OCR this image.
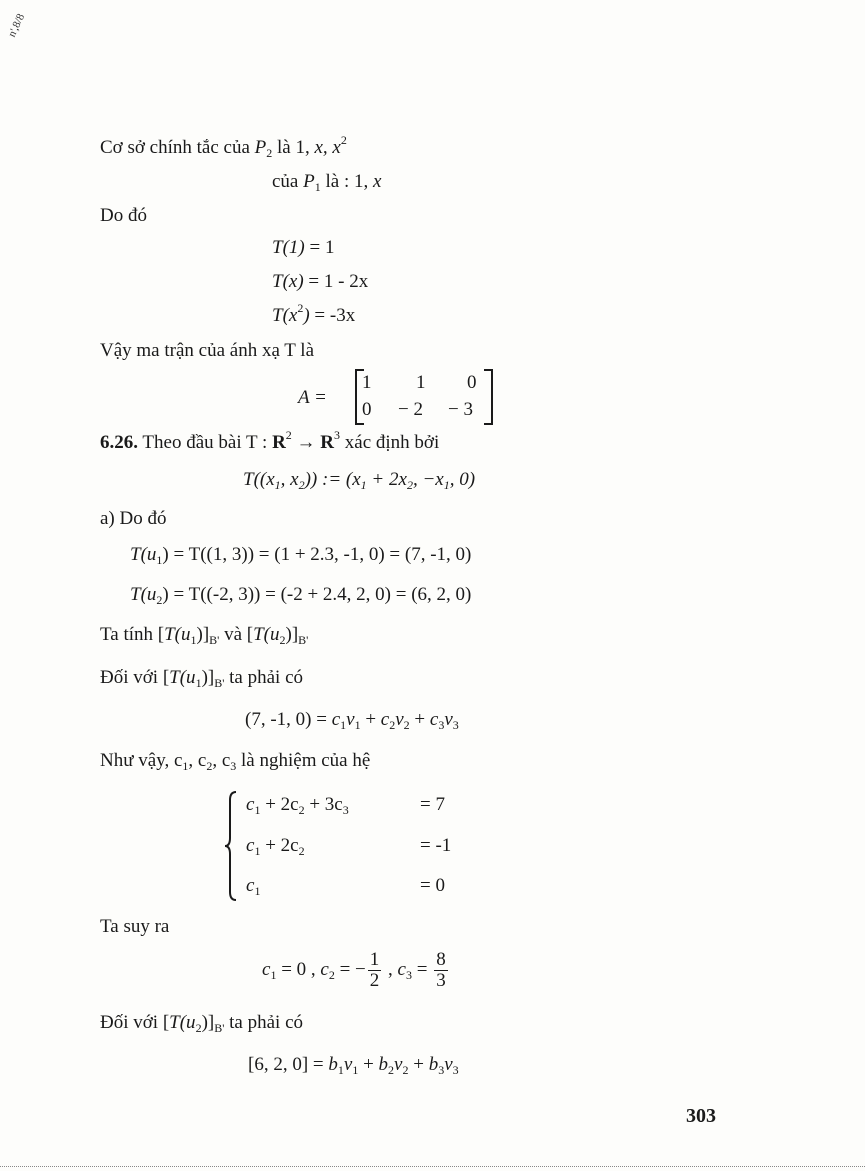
n',8/8
Cơ sở chính tắc của $P_2$ là 1, x, $x^2$
của $P_1$ là : 1, x
Do đó
T(1) = 1
T(x) = 1 - 2x
$T(x^2) = -3x$
Vậy ma trận của ánh xạ T là
A =
1 1 0
0 − 2 − 3
6.26. Theo đầu bài T : $R^2 \to R^3$ xác định bởi
$T((x_1$, $x_2$)) := ($x_1 + 2x_2$, $-x_1$, 0)
a) Do đó
$T(u_1) = T((1$, 3)) = (1 + 2.3, -1, 0) = (7, -1, 0)
$T(u_2) = T((-2$, 3)) = (-2 + 2.4, 2, 0) = (6, 2, 0)
Ta tính $[T(u_1)]_{B'}$ và $[T(u_2)]_{B'}$
Đối với $[T(u_1)]_{B'}$ ta phải có
(7, -1, $0) = c_1v_1 + c_2v_2 + c_3v_3$
Như vậy, $c_1$, $c_2$, $c_3$ là nghiệm của hệ
$c_1 + 2c_2 + 3c_3$	= 7
$c_1 + 2c_2$	= -1
$c_1$	= 0
Ta suy ra
$c_1 = 0$ , $c_2$ = − $\frac{1}{2}$ , $c_3 = \frac{8}{3}$
Đối với $[T(u_2)]_{B'}$ ta phải có
[6, 2, $0] = b_1v_1 + b_2v_2 + b_3v_3$
303
